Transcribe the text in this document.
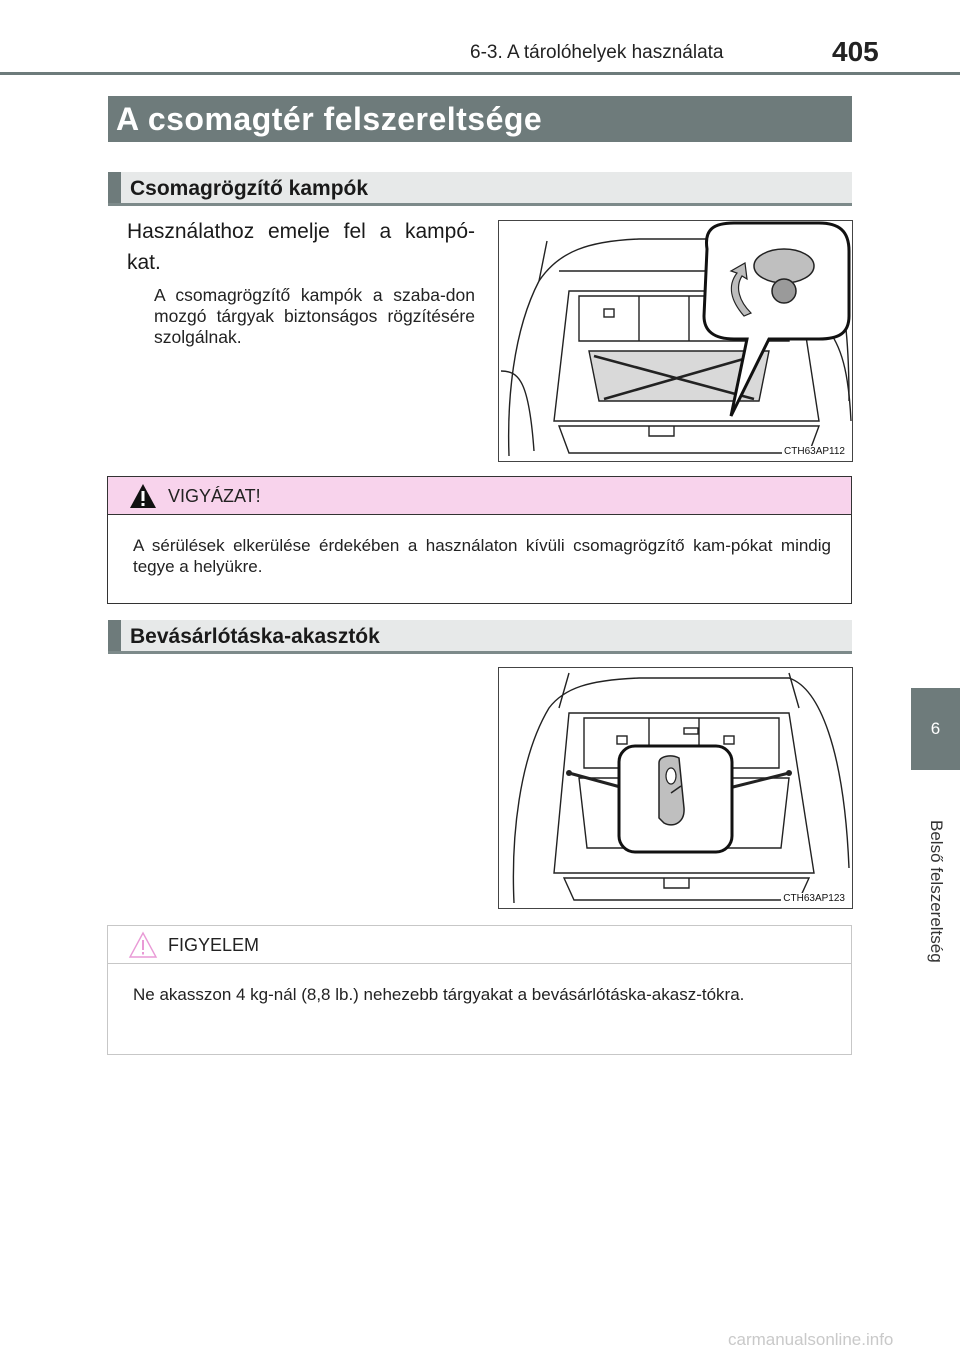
6-3. A tárolóhelyek használata	405
A csomagtér felszereltsége
Csomagrögzítő kampók
Használathoz emelje fel a kampó-kat.
A csomagrögzítő kampók a szaba-don mozgó tárgyak biztonságos rögzítésére szolgálnak.
CTH63AP112
VIGYÁZAT!
A sérülések elkerülése érdekében a használaton kívüli csomagrögzítő kam-pókat mindig tegye a helyükre.
Bevásárlótáska-akasztók
CTH63AP123
FIGYELEM
Ne akasszon 4 kg-nál (8,8 lb.) nehezebb tárgyakat a bevásárlótáska-akasz-tókra.
6
Belső felszereltség
carmanualsonline.info
